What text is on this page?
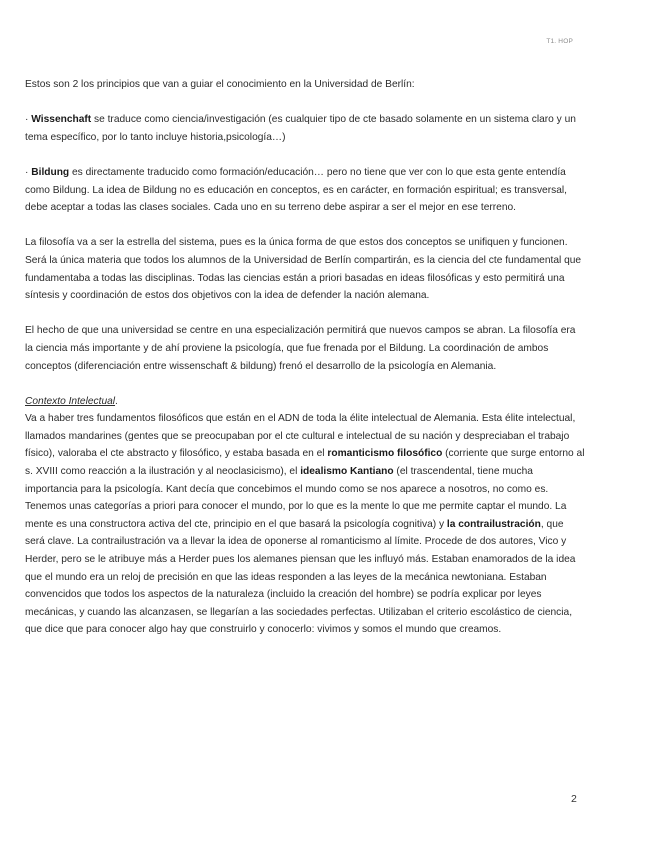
T1. HOP

Estos son 2 los principios que van a guiar el conocimiento en la Universidad de Berlín:

· Wissenchaft se traduce como ciencia/investigación (es cualquier tipo de cte basado solamente en un sistema claro y un tema específico, por lo tanto incluye historia,psicología…)

· Bildung es directamente traducido como formación/educación… pero no tiene que ver con lo que esta gente entendía como Bildung. La idea de Bildung no es educación en conceptos, es en carácter, en formación espiritual; es transversal, debe aceptar a todas las clases sociales. Cada uno en su terreno debe aspirar a ser el mejor en ese terreno.

La filosofía va a ser la estrella del sistema, pues es la única forma de que estos dos conceptos se unifiquen y funcionen. Será la única materia que todos los alumnos de la Universidad de Berlín compartirán, es la ciencia del cte fundamental que fundamentaba a todas las disciplinas. Todas las ciencias están a priori basadas en ideas filosóficas y esto permitirá una síntesis y coordinación de estos dos objetivos con la idea de defender la nación alemana.

El hecho de que una universidad se centre en una especialización permitirá que nuevos campos se abran. La filosofía era la ciencia más importante y de ahí proviene la psicología, que fue frenada por el Bildung. La coordinación de ambos conceptos (diferenciación entre wissenschaft & bildung) frenó el desarrollo de la psicología en Alemania.

Contexto Intelectual.

Va a haber tres fundamentos filosóficos que están en el ADN de toda la élite intelectual de Alemania. Esta élite intelectual, llamados mandarines (gentes que se preocupaban por el cte cultural e intelectual de su nación y despreciaban el trabajo físico), valoraba el cte abstracto y filosófico, y estaba basada en el romanticismo filosófico (corriente que surge entorno al s. XVIII como reacción a la ilustración y al neoclasicismo), el idealismo Kantiano (el trascendental, tiene mucha importancia para la psicología. Kant decía que concebimos el mundo como se nos aparece a nosotros, no como es. Tenemos unas categorías a priori para conocer el mundo, por lo que es la mente lo que me permite captar el mundo. La mente es una constructora activa del cte, principio en el que basará la psicología cognitiva) y la contrailustración, que será clave. La contrailustración va a llevar la idea de oponerse al romanticismo al límite. Procede de dos autores, Vico y Herder, pero se le atribuye más a Herder pues los alemanes piensan que les influyó más. Estaban enamorados de la idea que el mundo era un reloj de precisión en que las ideas responden a las leyes de la mecánica newtoniana. Estaban convencidos que todos los aspectos de la naturaleza (incluido la creación del hombre) se podría explicar por leyes mecánicas, y cuando las alcanzasen, se llegarían a las sociedades perfectas. Utilizaban el criterio escolástico de ciencia, que dice que para conocer algo hay que construirlo y conocerlo: vivimos y somos el mundo que creamos.

2
